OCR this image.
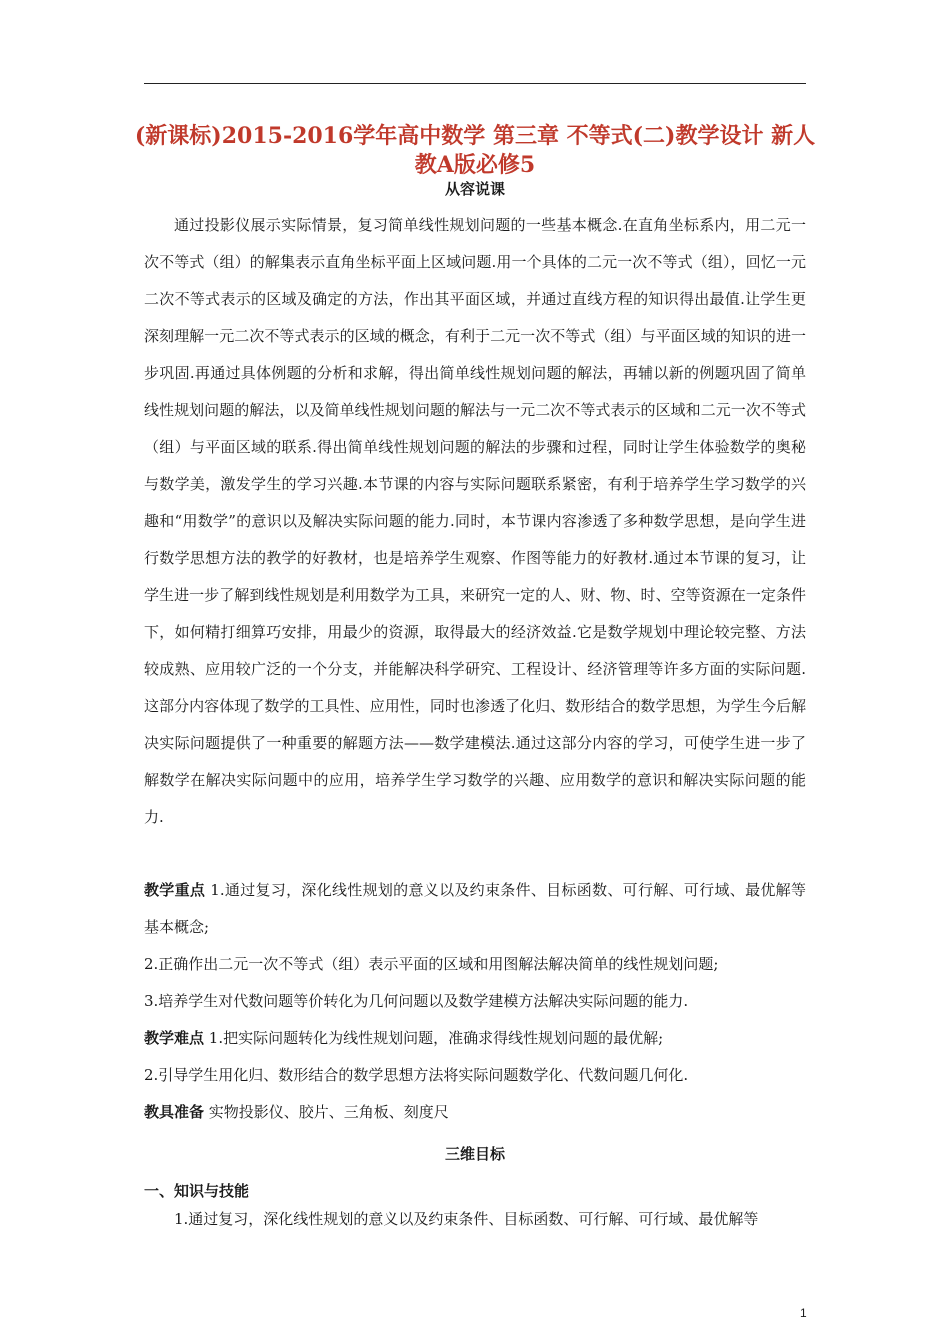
(新课标)2015-2016学年高中数学 第三章 不等式(二)教学设计 新人教A版必修5
从容说课

通过投影仪展示实际情景，复习简单线性规划问题的一些基本概念.在直角坐标系内，用二元一次不等式（组）的解集表示直角坐标平面上区域问题.用一个具体的二元一次不等式（组），回忆一元二次不等式表示的区域及确定的方法，作出其平面区域，并通过直线方程的知识得出最值.让学生更深刻理解一元二次不等式表示的区域的概念，有利于二元一次不等式（组）与平面区域的知识的进一步巩固.再通过具体例题的分析和求解，得出简单线性规划问题的解法，再辅以新的例题巩固了简单线性规划问题的解法，以及简单线性规划问题的解法与一元二次不等式表示的区域和二元一次不等式（组）与平面区域的联系.得出简单线性规划问题的解法的步骤和过程，同时让学生体验数学的奥秘与数学美，激发学生的学习兴趣.本节课的内容与实际问题联系紧密，有利于培养学生学习数学的兴趣和“用数学”的意识以及解决实际问题的能力.同时，本节课内容渗透了多种数学思想，是向学生进行数学思想方法的教学的好教材，也是培养学生观察、作图等能力的好教材.通过本节课的复习，让学生进一步了解到线性规划是利用数学为工具，来研究一定的人、财、物、时、空等资源在一定条件下，如何精打细算巧安排，用最少的资源，取得最大的经济效益.它是数学规划中理论较完整、方法较成熟、应用较广泛的一个分支，并能解决科学研究、工程设计、经济管理等许多方面的实际问题.这部分内容体现了数学的工具性、应用性，同时也渗透了化归、数形结合的数学思想，为学生今后解决实际问题提供了一种重要的解题方法——数学建模法.通过这部分内容的学习，可使学生进一步了解数学在解决实际问题中的应用，培养学生学习数学的兴趣、应用数学的意识和解决实际问题的能力.

教学重点 1.通过复习，深化线性规划的意义以及约束条件、目标函数、可行解、可行域、最优解等基本概念;

2.正确作出二元一次不等式（组）表示平面的区域和用图解法解决简单的线性规划问题;

3.培养学生对代数问题等价转化为几何问题以及数学建模方法解决实际问题的能力.

教学难点 1.把实际问题转化为线性规划问题，准确求得线性规划问题的最优解;

2.引导学生用化归、数形结合的数学思想方法将实际问题数学化、代数问题几何化.

教具准备 实物投影仪、胶片、三角板、刻度尺

三维目标
一、知识与技能

1.通过复习，深化线性规划的意义以及约束条件、目标函数、可行解、可行域、最优解等

1
